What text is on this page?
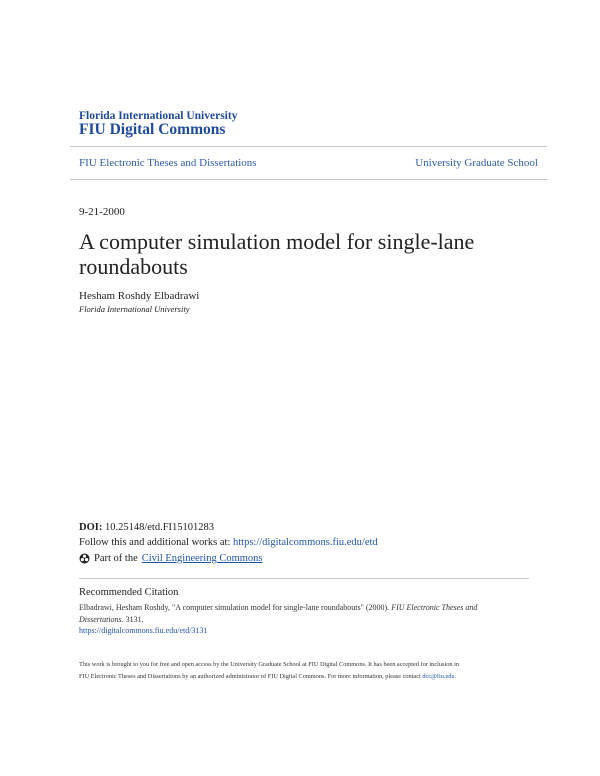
Florida International University
FIU Digital Commons
FIU Electronic Theses and Dissertations	University Graduate School
9-21-2000
A computer simulation model for single-lane
roundabouts
Hesham Roshdy Elbadrawi
Florida International University
DOI: 10.25148/etd.FI15101283
Follow this and additional works at: https://digitalcommons.fiu.edu/etd
Part of the Civil Engineering Commons
Recommended Citation
Elbadrawi, Hesham Roshdy, "A computer simulation model for single-lane roundabouts" (2000). FIU Electronic Theses and Dissertations. 3131.
https://digitalcommons.fiu.edu/etd/3131
This work is brought to you for free and open access by the University Graduate School at FIU Digital Commons. It has been accepted for inclusion in
FIU Electronic Theses and Dissertations by an authorized administrator of FIU Digital Commons. For more information, please contact dcc@fiu.edu.
